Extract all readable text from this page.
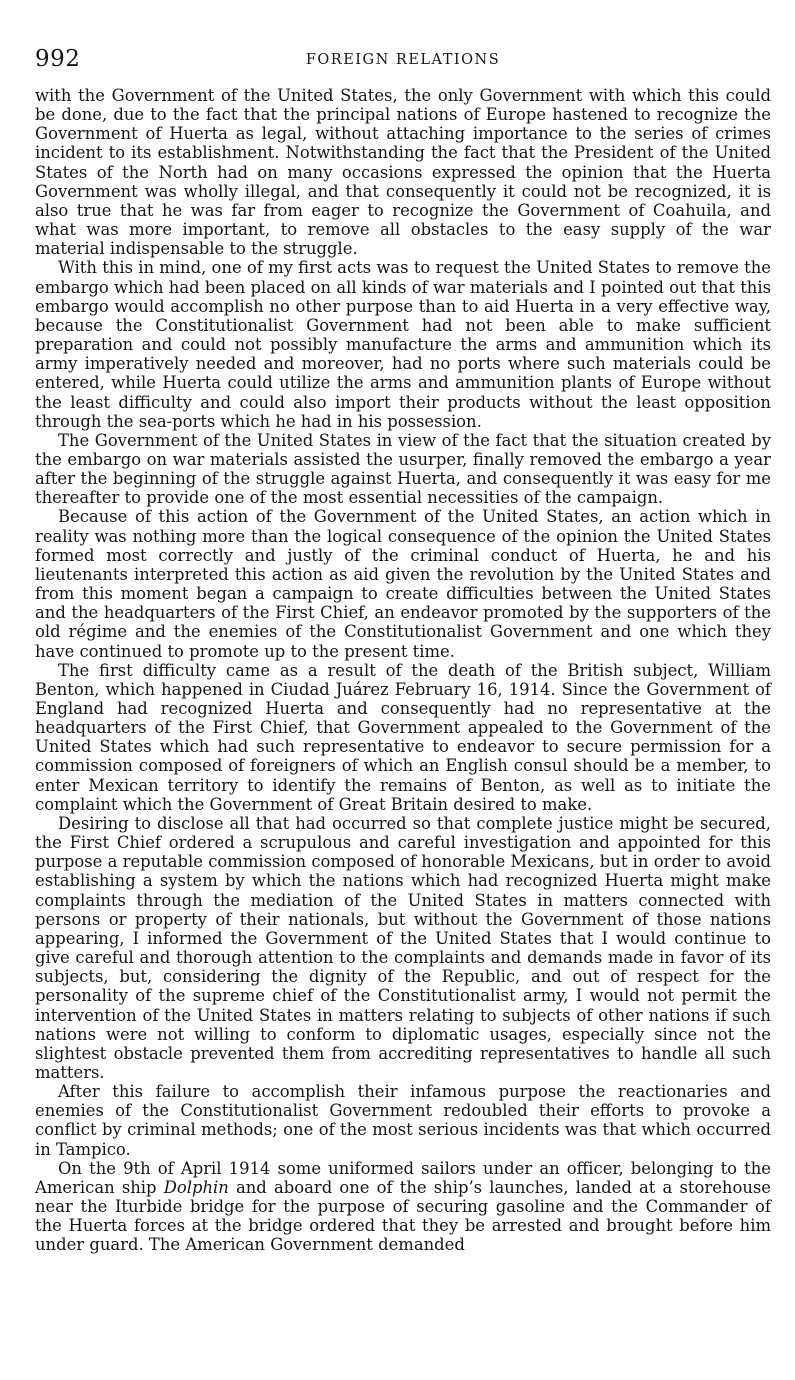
992	FOREIGN RELATIONS

with the Government of the United States, the only Government with which this could be done, due to the fact that the principal nations of Europe hastened to recognize the Government of Huerta as legal, without attaching importance to the series of crimes incident to its establishment. Notwithstanding the fact that the President of the United States of the North had on many occasions expressed the opinion that the Huerta Government was wholly illegal, and that consequently it could not be recognized, it is also true that he was far from eager to recognize the Government of Coahuila, and what was more important, to remove all obstacles to the easy supply of the war material indispensable to the struggle.

With this in mind, one of my first acts was to request the United States to remove the embargo which had been placed on all kinds of war materials and I pointed out that this embargo would accomplish no other purpose than to aid Huerta in a very effective way, because the Constitutionalist Government had not been able to make sufficient preparation and could not possibly manufacture the arms and ammunition which its army imperatively needed and moreover, had no ports where such materials could be entered, while Huerta could utilize the arms and ammunition plants of Europe without the least difficulty and could also import their products without the least opposition through the sea-ports which he had in his possession.

The Government of the United States in view of the fact that the situation created by the embargo on war materials assisted the usurper, finally removed the embargo a year after the beginning of the struggle against Huerta, and consequently it was easy for me thereafter to provide one of the most essential necessities of the campaign.

Because of this action of the Government of the United States, an action which in reality was nothing more than the logical consequence of the opinion the United States formed most correctly and justly of the criminal conduct of Huerta, he and his lieutenants interpreted this action as aid given the revolution by the United States and from this moment began a campaign to create difficulties between the United States and the headquarters of the First Chief, an endeavor promoted by the supporters of the old régime and the enemies of the Constitutionalist Government and one which they have continued to promote up to the present time.

The first difficulty came as a result of the death of the British subject, William Benton, which happened in Ciudad Juárez February 16, 1914. Since the Government of England had recognized Huerta and consequently had no representative at the headquarters of the First Chief, that Government appealed to the Government of the United States which had such representative to endeavor to secure permission for a commission composed of foreigners of which an English consul should be a member, to enter Mexican territory to identify the remains of Benton, as well as to initiate the complaint which the Government of Great Britain desired to make.

Desiring to disclose all that had occurred so that complete justice might be secured, the First Chief ordered a scrupulous and careful investigation and appointed for this purpose a reputable commission composed of honorable Mexicans, but in order to avoid establishing a system by which the nations which had recognized Huerta might make complaints through the mediation of the United States in matters connected with persons or property of their nationals, but without the Government of those nations appearing, I informed the Government of the United States that I would continue to give careful and thorough attention to the complaints and demands made in favor of its subjects, but, considering the dignity of the Republic, and out of respect for the personality of the supreme chief of the Constitutionalist army, I would not permit the intervention of the United States in matters relating to subjects of other nations if such nations were not willing to conform to diplomatic usages, especially since not the slightest obstacle prevented them from accrediting representatives to handle all such matters.

After this failure to accomplish their infamous purpose the reactionaries and enemies of the Constitutionalist Government redoubled their efforts to provoke a conflict by criminal methods; one of the most serious incidents was that which occurred in Tampico.

On the 9th of April 1914 some uniformed sailors under an officer, belonging to the American ship Dolphin and aboard one of the ship’s launches, landed at a storehouse near the Iturbide bridge for the purpose of securing gasoline and the Commander of the Huerta forces at the bridge ordered that they be arrested and brought before him under guard. The American Government demanded
